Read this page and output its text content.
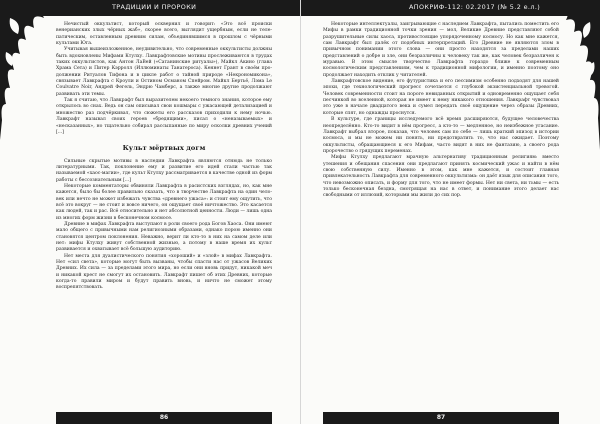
ТРАДИЦИИ И ПРОРОКИ

Нечистый оккультист, который осквернил и говорит: «Это всё происки венерианских злых чёрных жаб», скорее всего, выглядит ущербным, если не телепатическим, оставленным древним силам, объединявшимся в прошлом с чёрными культами Юга.

Учитывая вышеизложенное, неудивительно, что современные оккультисты должны быть вдохновлены Мифами Ктулху. Лавкрафтовские мотивы прослеживаются в трудах таких оккультистов, как Антон ЛаВей («Сатанинские ритуалы»), Майкл Акино (глава Храма Сета) и Питер Кэрролл (Иллюминаты Танатероса). Кеннет Грант в своём продолжении Ритуалов Тифона и в цикле работ о тайной природе «Некрономикона», связывает Лавкрафта с Кроули и Остином Османом Спейром. Майкл Бертьё, Лэма Le Coulvatre Noir, Андрей Фегель, Эндрю Чамберс, а также многие другие продолжают развивать эти темы.

Так я считаю, что Лавкрафт был выразителем некоего темного знания, которое ему открылось во снах. Ведь он сам описывал свои кошмары с ужасающей детализацией и множество раз подчёркивал, что сюжеты его рассказов приходили к нему ночью. Лавкрафт называл своих героев «бредящими», писал о «неназываемых» и «несказанных», но тщательно собирал рассыпанные по миру осколки древних учений [...]

Культ мёртвых догм

Сильные скрытые мотивы в наследии Лавкрафта являются отнюдь не только литературными. Так, поклонение ему и развитие его идей стали частью так называемой «хаос-магии», где культ Ктулху рассматривается в качестве одной из форм работы с бессознательным [...]

Некоторые комментаторы обвиняли Лавкрафта в расистских взглядах, но, как мне кажется, было бы более правильно сказать, что в творчестве Лавкрафта на один человек или нечто не может избежать чувства «древнего ужаса»: и стоит ему ощутить, что всё это вокруг — не стоит и вовсе ничего, он ощущает своё ничтожество. Это касается как людей, так и рас. Всё относительно и нет абсолютной ценности. Люди — лишь одна из многих форм жизни в бесконечном космосе.

Древние в мифах Лавкрафта выступают в роли своего рода Богов Хаоса. Они имеют мало общего с привычными нам религиозными образами, однако порою именно они становятся центром поклонения. Неважно, верит ли кто-то в них на самом деле или нет: мифы Ктулху живут собственной жизнью, а потому в наше время их культ развивается и охватывает всё большую аудиторию.

Нет места для дуалистического понятия «хороший» и «злой» в мифах Лавкрафта. Нет «сил света», которые могут быть вызваны, чтобы спасти нас от ужасов Великих Древних. Их сила — за пределами этого мира, но если они вновь придут, никакой меч и никакой крест не смогут их остановить. Лавкрафт пишет об этих Древних, которые когда-то правили миром и будут править вновь, и ничто не сможет этому воспрепятствовать.

86
АПОКРИФ-112: 02.2017 (№ 5.2 е.л.)

Некоторые интеллектуалы, заигрывающие с наследием Лавкрафта, пытались поместить его Мифы в рамки традиционной точки зрения — мол, Великие Древние представляют собой разрушительные силы хаоса, противостоящие упорядоченному космосу. Но как мне кажется, сам Лавкрафт был далёк от подобных интерпретаций. Его Древние не являются злом в привычном понимании этого слова — они просто находятся за пределами наших представлений о добре и зле, они безразличны к человеку так же, как человек безразличен к муравью. В этом смысле творчество Лавкрафта гораздо ближе к современным космологическим представлениям, чем к традиционной мифологии, и именно поэтому оно продолжает находить отклик у читателей.

Лавкрафтовское видение, его футуристика и его пессимизм особенно подходят для нашей эпохи, где технологический прогресс сочетается с глубокой экзистенциальной тревогой. Человек современности стоит на пороге невиданных открытий и одновременно ощущает себя песчинкой во вселенной, которая не имеет к нему никакого отношения. Лавкрафт чувствовал это уже в начале двадцатого века и сумел передать своё ощущение через образы Древних, которые спят, но однажды проснутся.

В культуре, где границы исследуемого всё время расширяются, будущее человечества неопределённо. Кто-то видит в нём прогресс, а кто-то — медленное, но неизбежное угасание. Лавкрафт выбрал второе, показав, что человек сам по себе — лишь краткий эпизод в истории космоса, и мы не можем ни понять, ни предотвратить то, что нас ожидает. Поэтому оккультисты, обращающиеся к его Мифам, часто видят в них не фантазию, а своего рода пророчество о грядущих переменах.

Мифы Ктулху предлагают мрачную альтернативу традиционным религиям: вместо утешения и обещания спасения они предлагают принять космический ужас и найти в нём свою собственную силу. Именно в этом, как мне кажется, и состоит главная привлекательность Лавкрафта для современного оккультизма: он даёт язык для описания того, что невозможно описать, и форму для того, что не имеет формы. Нет ни света, ни тьмы — есть только бесконечная бездна, смотрящая на нас в ответ, и понимание этого делает нас свободными от иллюзий, которыми мы жили до сих пор.

87
